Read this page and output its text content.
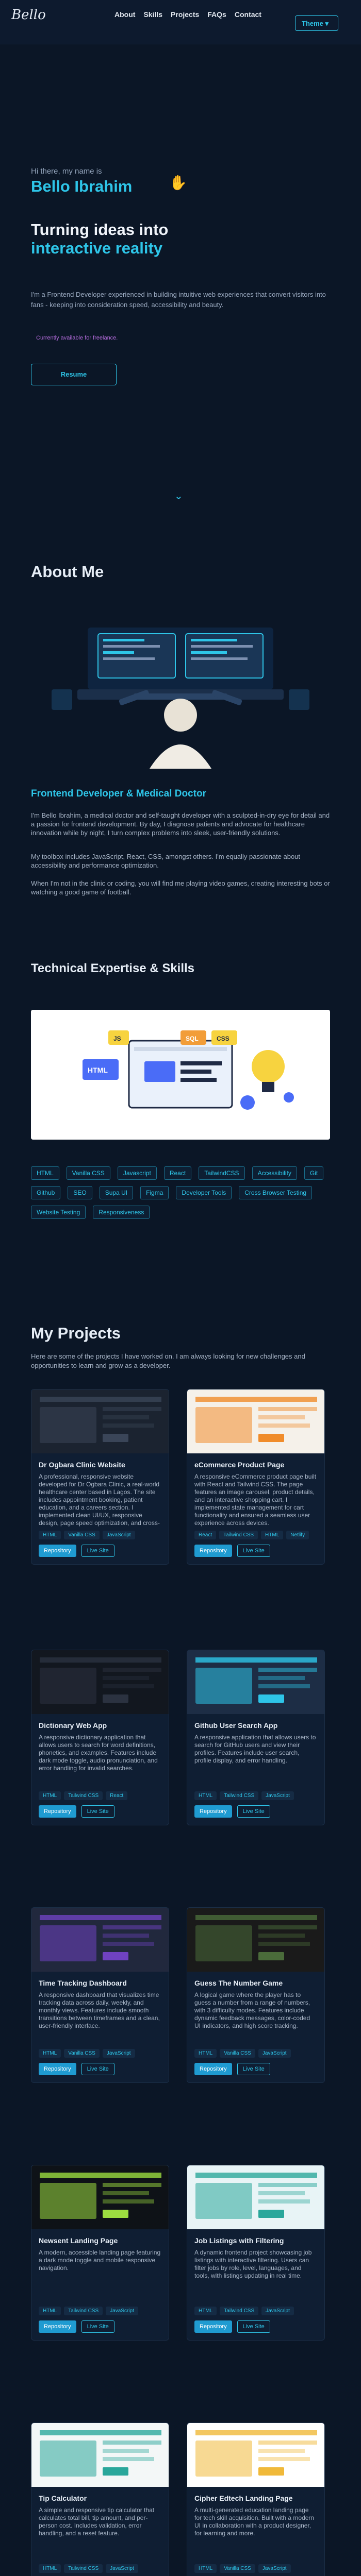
Bello	About Skills Projects FAQs Contact
Theme ▾
Hi there, my name is
Bello Ibrahim	✋
Turning ideas into
interactive reality
I'm a Frontend Developer experienced in building intuitive web experiences that convert visitors into fans - keeping into consideration speed, accessibility and beauty.
Currently available for freelance.
Resume
⌄
About Me
Frontend Developer & Medical Doctor
I'm Bello Ibrahim, a medical doctor and self-taught developer with a sculpted-in-dry eye for detail and a passion for frontend development. By day, I diagnose patients and advocate for healthcare innovation while by night, I turn complex problems into sleek, user-friendly solutions.
My toolbox includes JavaScript, React, CSS, amongst others. I'm equally passionate about accessibility and performance optimization.
When I'm not in the clinic or coding, you will find me playing video games, creating interesting bots or watching a good game of football.
Technical Expertise & Skills
HTML
JS	SQL	CSS
HTML	Vanilla CSS	Javascript	React	TailwindCSS	Accessibility	Git
Github	SEO	Supa UI	Figma	Developer Tools	Cross Browser Testing
Website Testing	Responsiveness
My Projects
Here are some of the projects I have worked on. I am always looking for new challenges and opportunities to learn and grow as a developer.
Dr Ogbara Clinic Website
A professional, responsive website developed for Dr Ogbara Clinic, a real-world healthcare center based in Lagos. The site includes appointment booking, patient education, and a careers section. I implemented clean UI/UX, responsive design, page speed optimization, and cross-
HTML	Vanilla CSS	JavaScript
Repository	Live Site
eCommerce Product Page
A responsive eCommerce product page built with React and Tailwind CSS. The page features an image carousel, product details, and an interactive shopping cart. I implemented state management for cart functionality and ensured a seamless user experience across devices.
React	Tailwind CSS	HTML	Netlify
Repository	Live Site
Dictionary Web App
A responsive dictionary application that allows users to search for word definitions, phonetics, and examples. Features include dark mode toggle, audio pronunciation, and error handling for invalid searches.
HTML	Tailwind CSS	React
Repository	Live Site
Github User Search App
A responsive application that allows users to search for GitHub users and view their profiles. Features include user search, profile display, and error handling.
HTML	Tailwind CSS	JavaScript
Repository	Live Site
Time Tracking Dashboard
A responsive dashboard that visualizes time tracking data across daily, weekly, and monthly views. Features include smooth transitions between timeframes and a clean, user-friendly interface.
HTML	Vanilla CSS	JavaScript
Repository	Live Site
Guess The Number Game
A logical game where the player has to guess a number from a range of numbers, with 3 difficulty modes. Features include dynamic feedback messages, color-coded UI indicators, and high score tracking.
HTML	Vanilla CSS	JavaScript
Repository	Live Site
Newsent Landing Page
A modern, accessible landing page featuring a dark mode toggle and mobile responsive navigation.
HTML	Tailwind CSS	JavaScript
Repository	Live Site
Job Listings with Filtering
A dynamic frontend project showcasing job listings with interactive filtering. Users can filter jobs by role, level, languages, and tools, with listings updating in real time.
HTML	Tailwind CSS	JavaScript
Repository	Live Site
Tip Calculator
A simple and responsive tip calculator that calculates total bill, tip amount, and per-person cost. Includes validation, error handling, and a reset feature.
HTML	Tailwind CSS	JavaScript
Cipher Edtech Landing Page
A multi-generated education landing page for tech skill acquisition. Built with a modern UI in collaboration with a product designer, for learning and more.
HTML	Vanilla CSS	JavaScript
